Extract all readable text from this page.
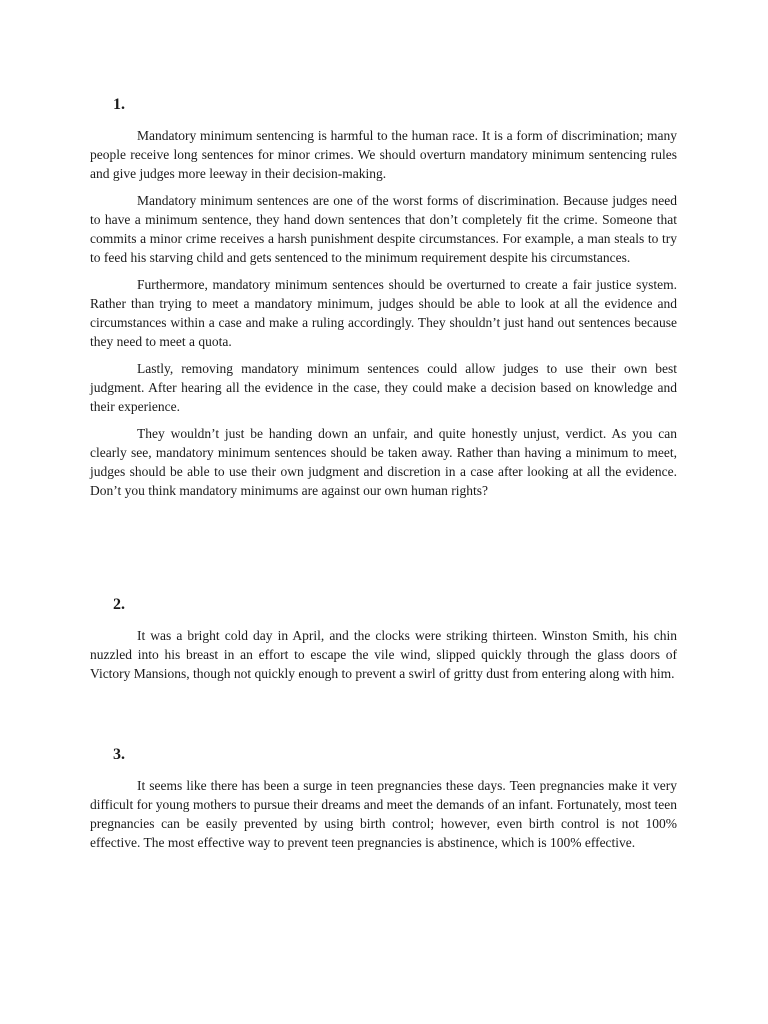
1.

Mandatory minimum sentencing is harmful to the human race. It is a form of discrimination; many people receive long sentences for minor crimes. We should overturn mandatory minimum sentencing rules and give judges more leeway in their decision-making.

Mandatory minimum sentences are one of the worst forms of discrimination. Because judges need to have a minimum sentence, they hand down sentences that don’t completely fit the crime. Someone that commits a minor crime receives a harsh punishment despite circumstances. For example, a man steals to try to feed his starving child and gets sentenced to the minimum requirement despite his circumstances.

Furthermore, mandatory minimum sentences should be overturned to create a fair justice system. Rather than trying to meet a mandatory minimum, judges should be able to look at all the evidence and circumstances within a case and make a ruling accordingly. They shouldn’t just hand out sentences because they need to meet a quota.

Lastly, removing mandatory minimum sentences could allow judges to use their own best judgment. After hearing all the evidence in the case, they could make a decision based on knowledge and their experience.

They wouldn’t just be handing down an unfair, and quite honestly unjust, verdict. As you can clearly see, mandatory minimum sentences should be taken away. Rather than having a minimum to meet, judges should be able to use their own judgment and discretion in a case after looking at all the evidence. Don’t you think mandatory minimums are against our own human rights?

2.

It was a bright cold day in April, and the clocks were striking thirteen. Winston Smith, his chin nuzzled into his breast in an effort to escape the vile wind, slipped quickly through the glass doors of Victory Mansions, though not quickly enough to prevent a swirl of gritty dust from entering along with him.

3.

It seems like there has been a surge in teen pregnancies these days. Teen pregnancies make it very difficult for young mothers to pursue their dreams and meet the demands of an infant. Fortunately, most teen pregnancies can be easily prevented by using birth control; however, even birth control is not 100% effective. The most effective way to prevent teen pregnancies is abstinence, which is 100% effective.
